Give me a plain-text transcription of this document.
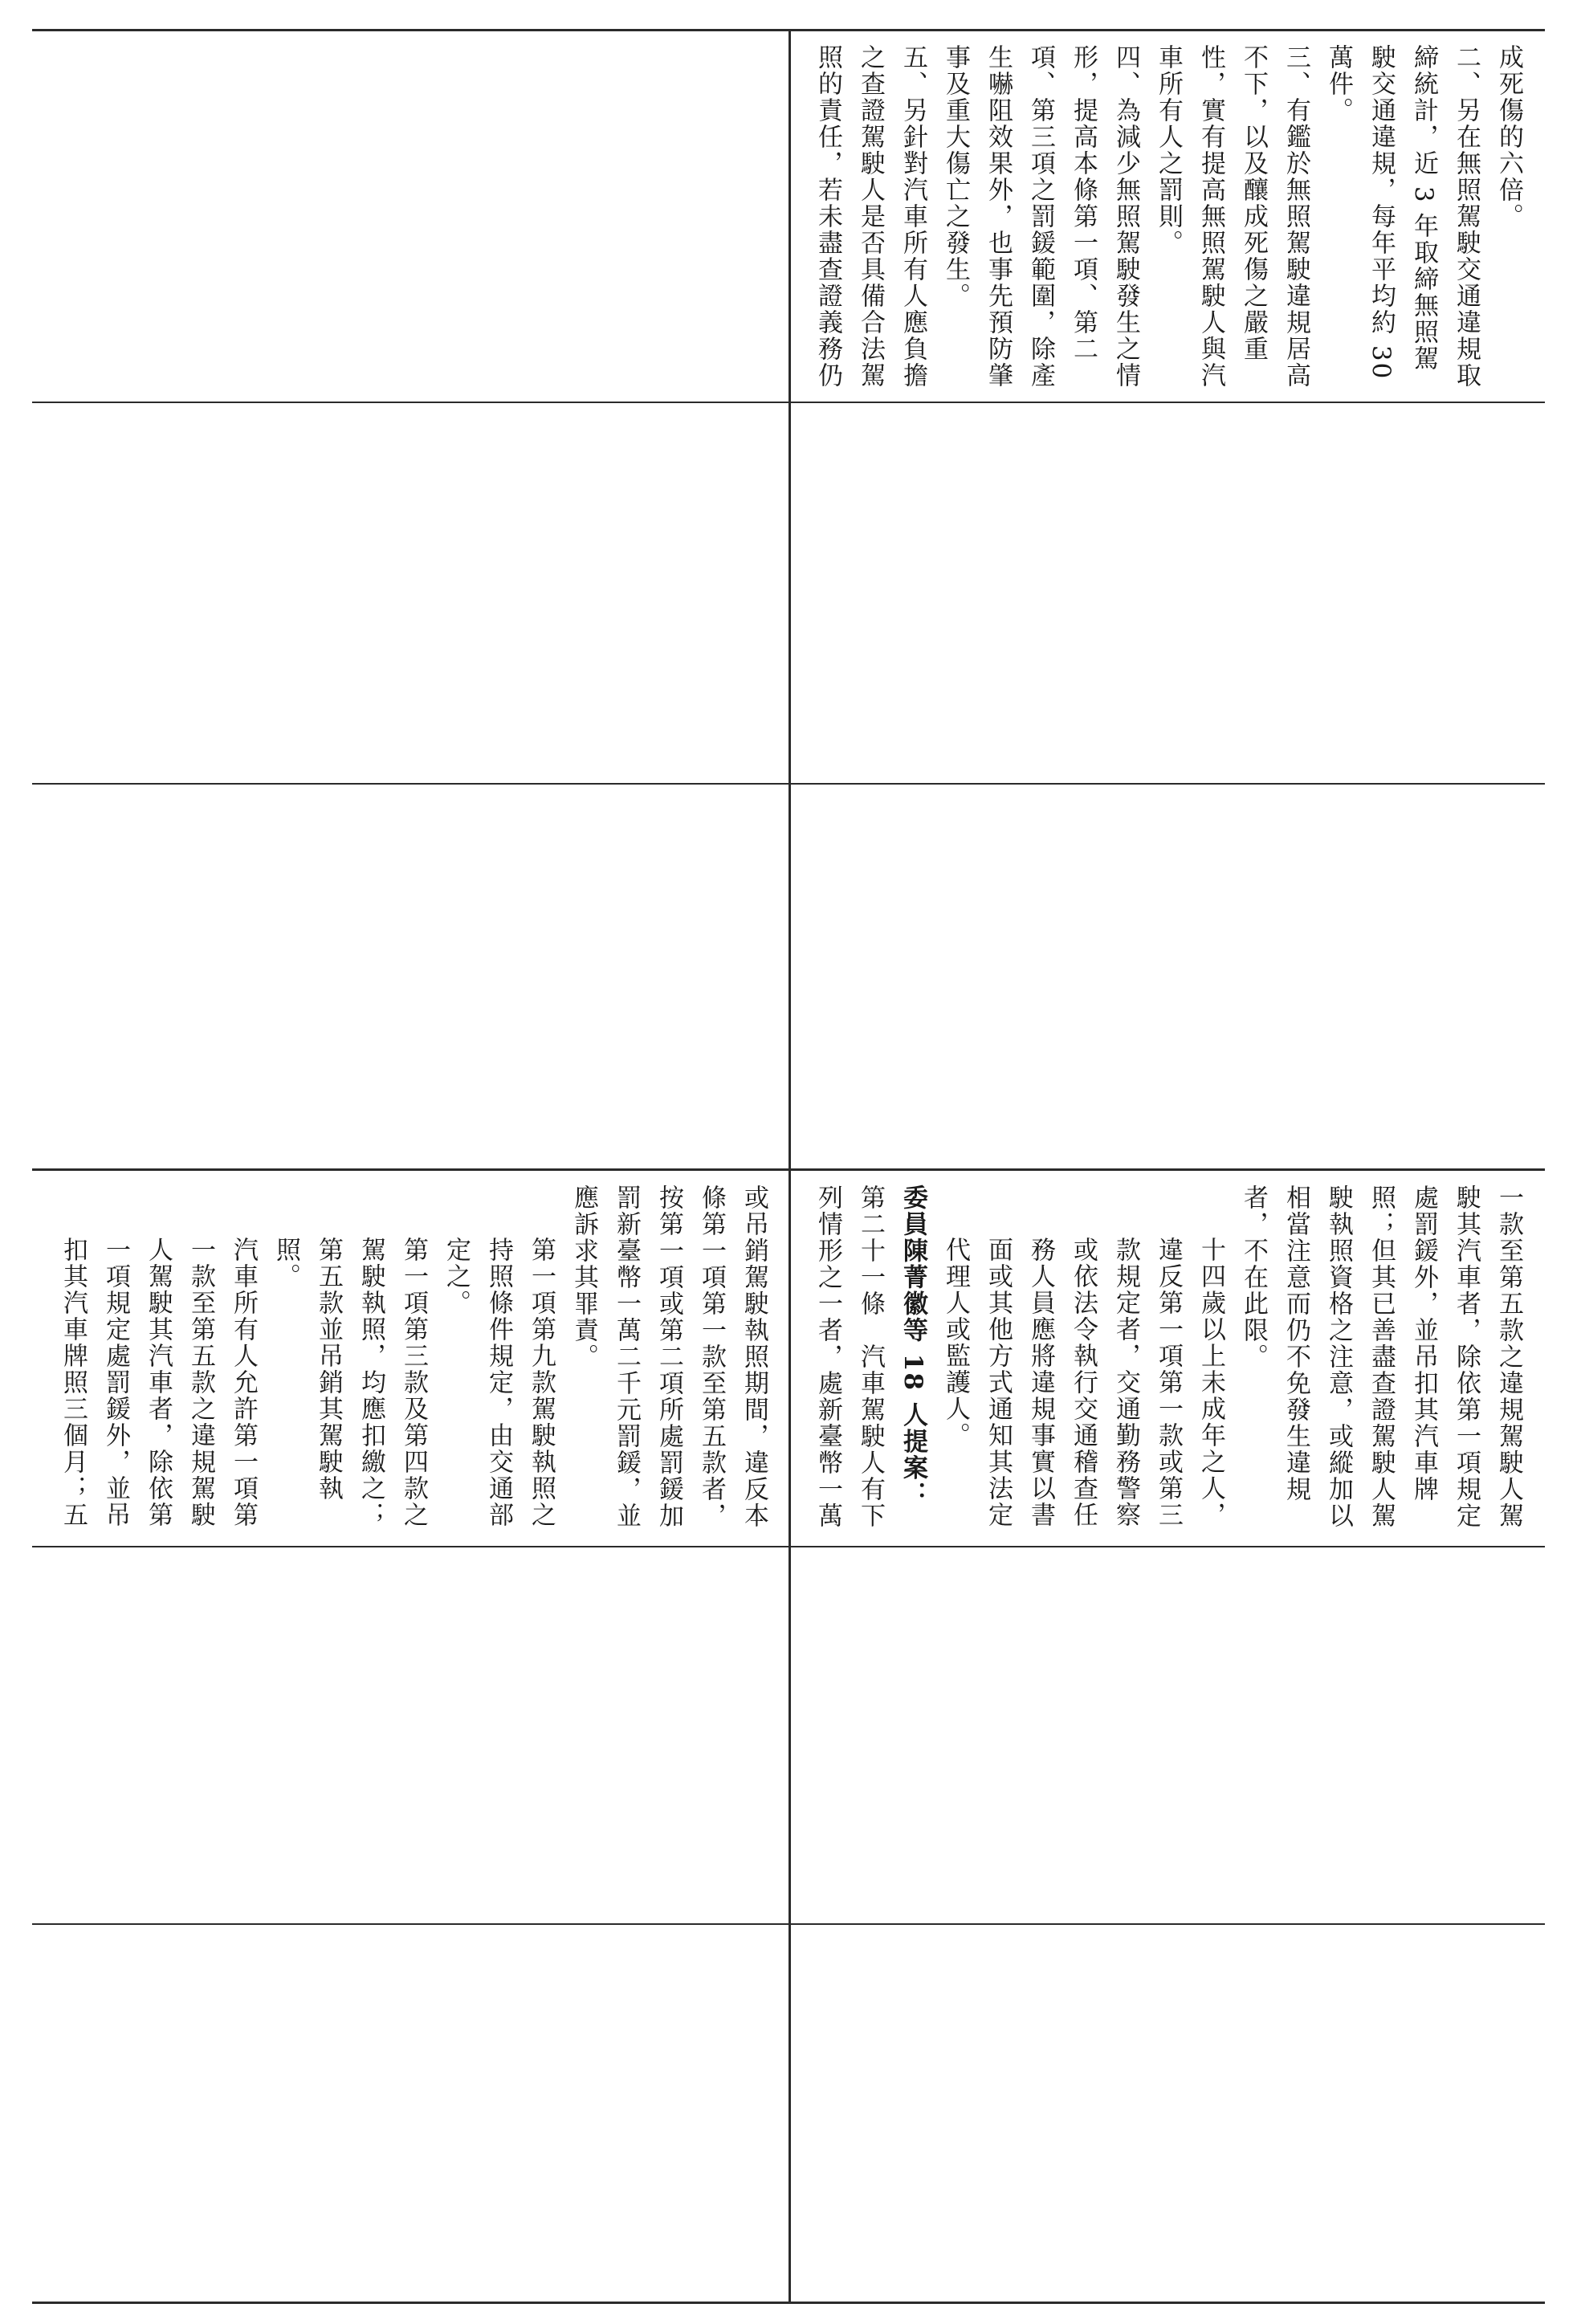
成死傷的六倍。

二、另在無照駕駛交通違規取締統計，近 3 年取締無照駕駛交通違規，每年平均約 30 萬件。

三、有鑑於無照駕駛違規居高不下，以及釀成死傷之嚴重性，實有提高無照駕駛人與汽車所有人之罰則。

四、為減少無照駕駛發生之情形，提高本條第一項、第二項、第三項之罰鍰範圍，除產生嚇阻效果外，也事先預防肇事及重大傷亡之發生。

五、另針對汽車所有人應負擔之查證駕駛人是否具備合法駕照的責任，若未盡查證義務仍

一款至第五款之違規駕駛人駕駛其汽車者，除依第一項規定處罰鍰外，並吊扣其汽車牌照；但其已善盡查證駕駛人駕駛執照資格之注意，或縱加以相當注意而仍不免發生違規者，不在此限。

十四歲以上未成年之人，違反第一項第一款或第三款規定者，交通勤務警察或依法令執行交通稽查任務人員應將違規事實以書面或其他方式通知其法定代理人或監護人。

委員陳菁徽等 18 人提案：

第二十一條　汽車駕駛人有下列情形之一者，處新臺幣一萬

或吊銷駕駛執照期間，違反本條第一項第一款至第五款者，按第一項或第二項所處罰鍰加罰新臺幣一萬二千元罰鍰，並應訴求其罪責。

第一項第九款駕駛執照之持照條件規定，由交通部定之。

第一項第三款及第四款之駕駛執照，均應扣繳之；第五款並吊銷其駕駛執照。

汽車所有人允許第一項第一款至第五款之違規駕駛人駕駛其汽車者，除依第一項規定處罰鍰外，並吊扣其汽車牌照三個月；五
